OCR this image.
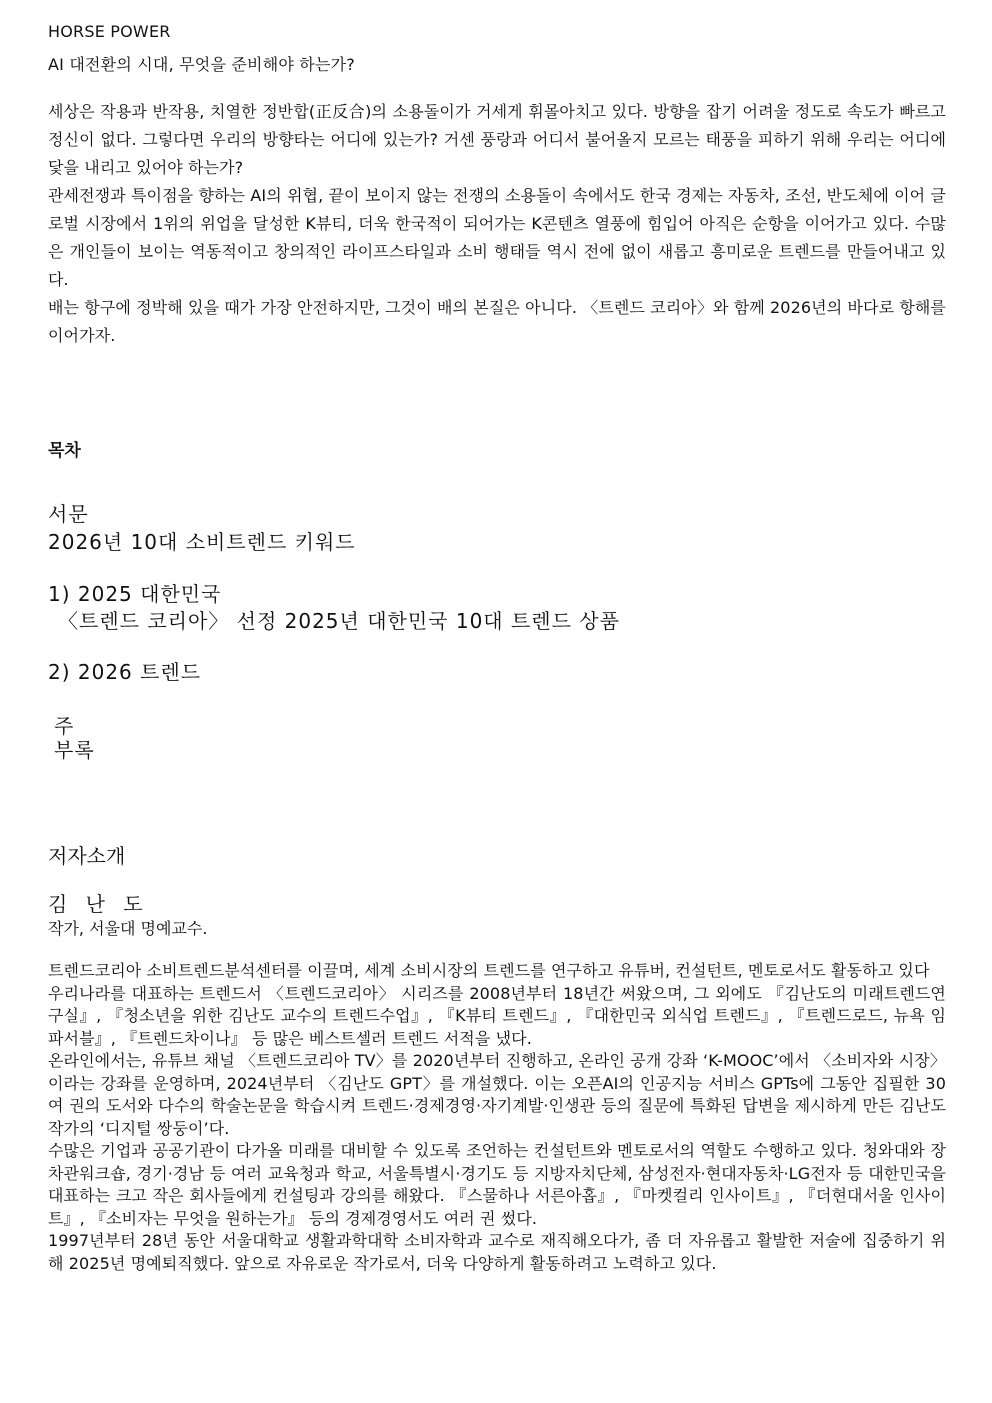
HORSE POWER
AI 대전환의 시대, 무엇을 준비해야 하는가?

세상은 작용과 반작용, 치열한 정반합(正反合)의 소용돌이가 거세게 휘몰아치고 있다. 방향을 잡기 어려울 정도로 속도가 빠르고 정신이 없다. 그렇다면 우리의 방향타는 어디에 있는가? 거센 풍랑과 어디서 불어올지 모르는 태풍을 피하기 위해 우리는 어디에 닻을 내리고 있어야 하는가?

관세전쟁과 특이점을 향하는 AI의 위협, 끝이 보이지 않는 전쟁의 소용돌이 속에서도 한국 경제는 자동차, 조선, 반도체에 이어 글로벌 시장에서 1위의 위업을 달성한 K뷰티, 더욱 한국적이 되어가는 K콘텐츠 열풍에 힘입어 아직은 순항을 이어가고 있다. 수많은 개인들이 보이는 역동적이고 창의적인 라이프스타일과 소비 행태들 역시 전에 없이 새롭고 흥미로운 트렌드를 만들어내고 있다.

배는 항구에 정박해 있을 때가 가장 안전하지만, 그것이 배의 본질은 아니다. 〈트렌드 코리아〉와 함께 2026년의 바다로 항해를 이어가자.

목차
서문
2026년 10대 소비트렌드 키워드
1) 2025 대한민국
〈트렌드 코리아〉 선정 2025년 대한민국 10대 트렌드 상품
2) 2026 트렌드
주
부록
저자소개
김 난 도
작가, 서울대 명예교수.

트렌드코리아 소비트렌드분석센터를 이끌며, 세계 소비시장의 트렌드를 연구하고 유튜버, 컨설턴트, 멘토로서도 활동하고 있다

우리나라를 대표하는 트렌드서 〈트렌드코리아〉 시리즈를 2008년부터 18년간 써왔으며, 그 외에도 『김난도의 미래트렌드연구실』, 『청소년을 위한 김난도 교수의 트렌드수업』, 『K뷰티 트렌드』, 『대한민국 외식업 트렌드』, 『트렌드로드, 뉴욕 임파서블』, 『트렌드차이나』 등 많은 베스트셀러 트렌드 서적을 냈다.

온라인에서는, 유튜브 채널 〈트렌드코리아 TV〉를 2020년부터 진행하고, 온라인 공개 강좌 ‘K-MOOC’에서 〈소비자와 시장〉이라는 강좌를 운영하며, 2024년부터 〈김난도 GPT〉를 개설했다. 이는 오픈AI의 인공지능 서비스 GPTs에 그동안 집필한 30여 권의 도서와 다수의 학술논문을 학습시켜 트렌드·경제경영·자기계발·인생관 등의 질문에 특화된 답변을 제시하게 만든 김난도 작가의 ‘디지털 쌍둥이’다.

수많은 기업과 공공기관이 다가올 미래를 대비할 수 있도록 조언하는 컨설턴트와 멘토로서의 역할도 수행하고 있다. 청와대와 장차관워크숍, 경기·경남 등 여러 교육청과 학교, 서울특별시·경기도 등 지방자치단체, 삼성전자·현대자동차·LG전자 등 대한민국을 대표하는 크고 작은 회사들에게 컨설팅과 강의를 해왔다. 『스물하나 서른아홉』, 『마켓컬리 인사이트』, 『더현대서울 인사이트』, 『소비자는 무엇을 원하는가』 등의 경제경영서도 여러 권 썼다.

1997년부터 28년 동안 서울대학교 생활과학대학 소비자학과 교수로 재직해오다가, 좀 더 자유롭고 활발한 저술에 집중하기 위해 2025년 명예퇴직했다. 앞으로 자유로운 작가로서, 더욱 다양하게 활동하려고 노력하고 있다.
